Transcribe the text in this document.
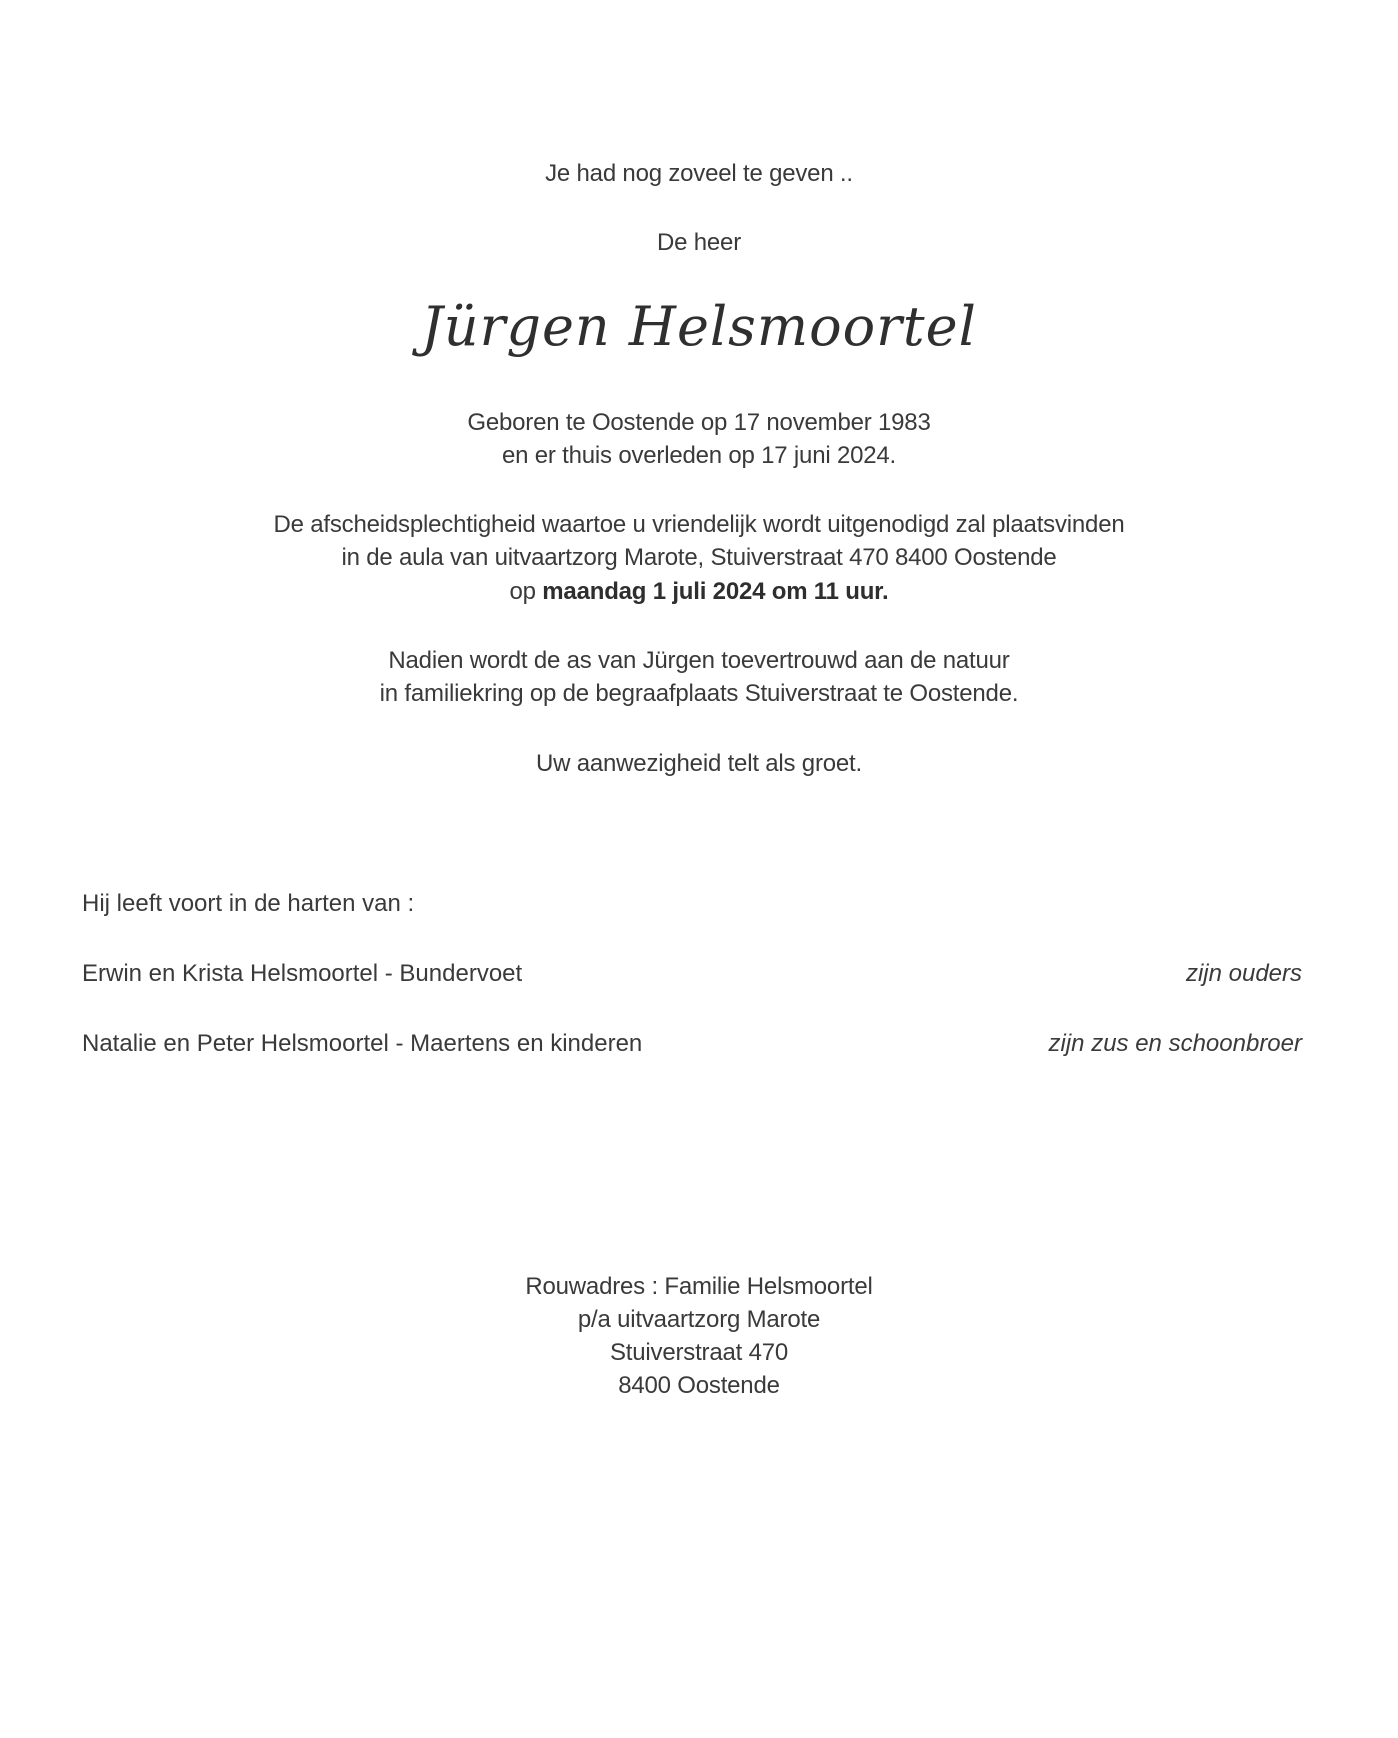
Je had nog zoveel te geven ..
De heer
Jürgen Helsmoortel
Geboren te Oostende op 17 november 1983
en er thuis overleden op 17 juni 2024.
De afscheidsplechtigheid waartoe u vriendelijk wordt uitgenodigd zal plaatsvinden
in de aula van uitvaartzorg Marote, Stuiverstraat 470 8400 Oostende
op maandag 1 juli 2024 om 11 uur.
Nadien wordt de as van Jürgen toevertrouwd aan de natuur
in familiekring op de begraafplaats Stuiverstraat te Oostende.
Uw aanwezigheid telt als groet.
Hij leeft voort in de harten van :
Erwin en Krista Helsmoortel - Bundervoet	zijn ouders
Natalie en Peter Helsmoortel - Maertens en kinderen	zijn zus en schoonbroer
Rouwadres : Familie Helsmoortel
p/a uitvaartzorg Marote
Stuiverstraat 470
8400 Oostende
